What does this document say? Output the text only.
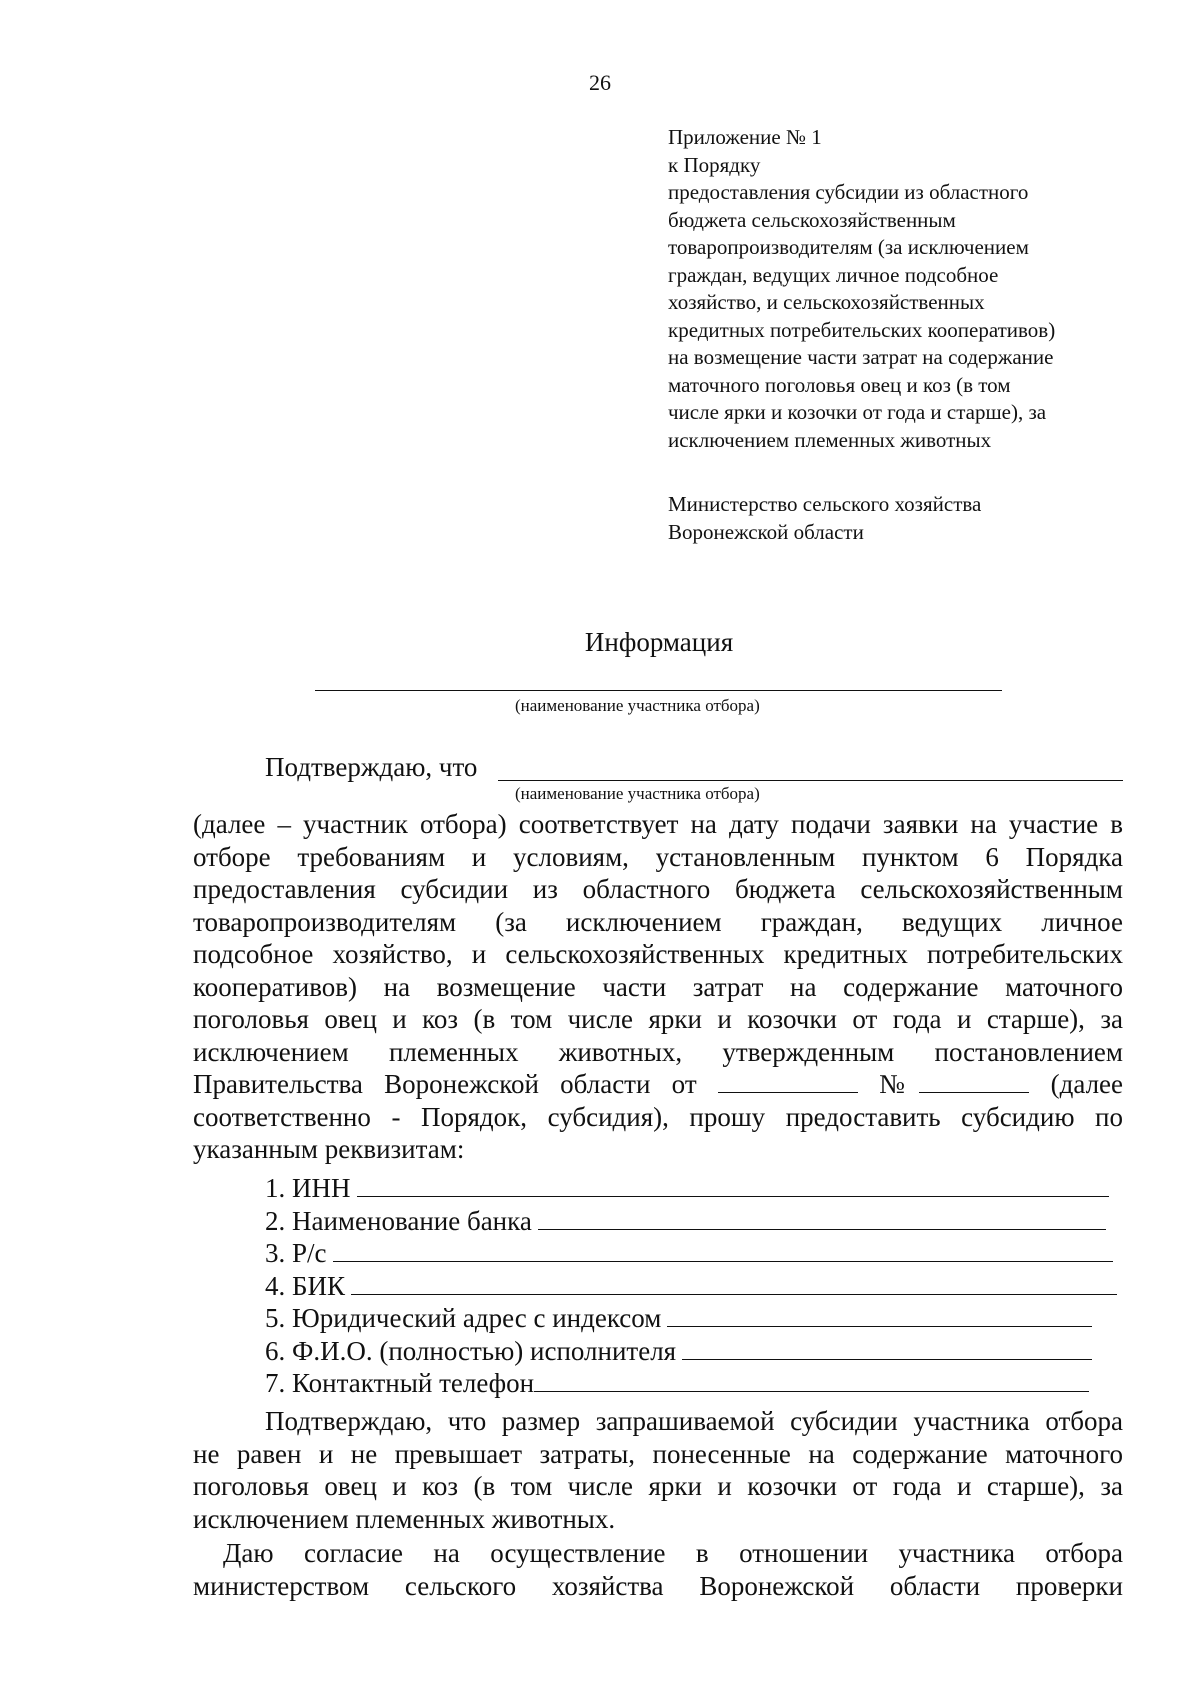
26
Приложение № 1
к Порядку
предоставления субсидии из областного
бюджета сельскохозяйственным
товаропроизводителям (за исключением
граждан, ведущих личное подсобное
хозяйство, и сельскохозяйственных
кредитных потребительских кооперативов)
на возмещение части затрат на содержание
маточного поголовья овец и коз (в том
числе ярки и козочки от года и старше), за
исключением племенных животных
Министерство сельского хозяйства
Воронежской области
Информация
(наименование участника отбора)
Подтверждаю, что
(наименование участника отбора)
(далее – участник отбора) соответствует на дату подачи заявки на участие в
отборе требованиям и условиям, установленным пунктом 6 Порядка
предоставления субсидии из областного бюджета сельскохозяйственным
товаропроизводителям (за исключением граждан, ведущих личное
подсобное хозяйство, и сельскохозяйственных кредитных потребительских
кооперативов) на возмещение части затрат на содержание маточного
поголовья овец и коз (в том числе ярки и козочки от года и старше), за
исключением племенных животных, утвержденным постановлением
Правительства Воронежской области от	№	(далее
соответственно - Порядок, субсидия), прошу предоставить субсидию по
указанным реквизитам:
1. ИНН
2. Наименование банка
3. Р/с
4. БИК
5. Юридический адрес с индексом
6. Ф.И.О. (полностью) исполнителя
7. Контактный телефон
Подтверждаю, что размер запрашиваемой субсидии участника отбора
не равен и не превышает затраты, понесенные на содержание маточного
поголовья овец и коз (в том числе ярки и козочки от года и старше), за
исключением племенных животных.
Даю согласие на осуществление в отношении участника отбора
министерством сельского хозяйства Воронежской области проверки
